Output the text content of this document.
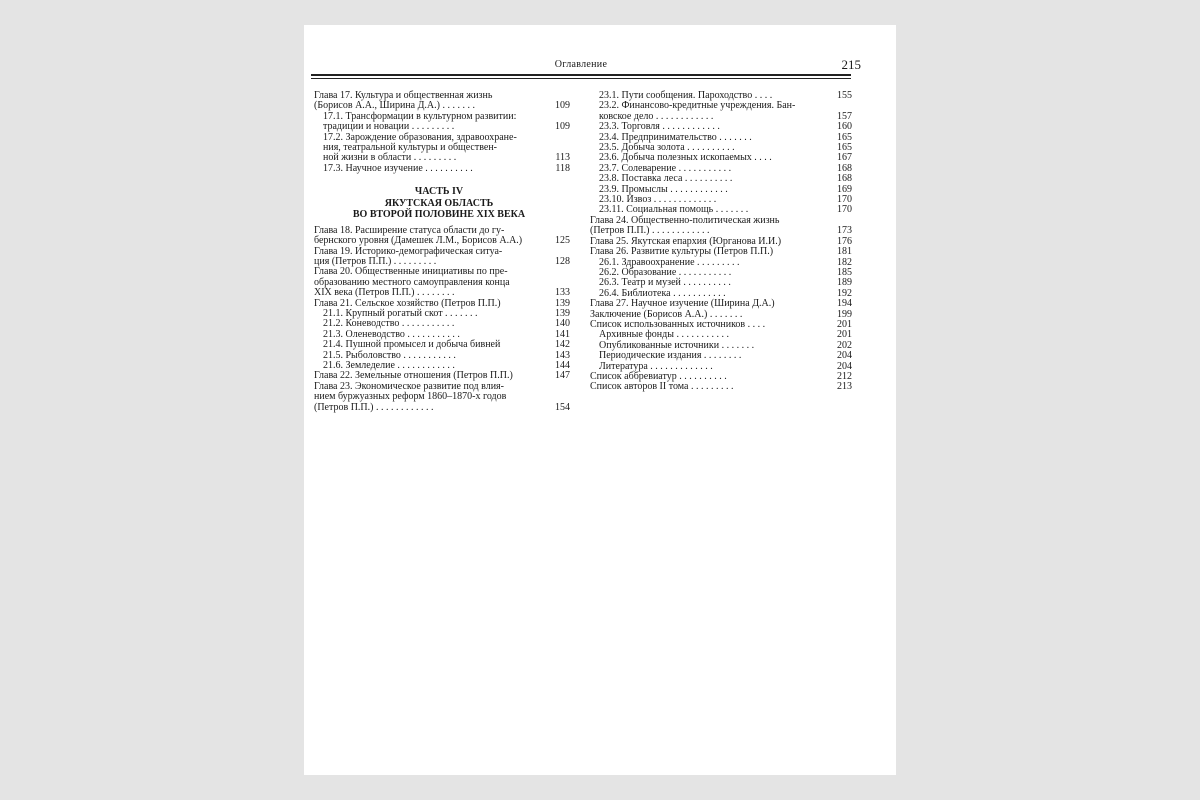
Оглавление	215
Глава 17. Культура и общественная жизнь
(Борисов А.А., Ширина Д.А.) . . . . . . .	109
17.1. Трансформации в культурном развитии:
традиции и новации . . . . . . . . .	109
17.2. Зарождение образования, здравоохране-
ния, театральной культуры и обществен-
ной жизни в области . . . . . . . . .	113
17.3. Научное изучение . . . . . . . . . .	118
ЧАСТЬ IV
ЯКУТСКАЯ ОБЛАСТЬ
ВО ВТОРОЙ ПОЛОВИНЕ XIX ВЕКА
Глава 18. Расширение статуса области до гу-
бернского уровня (Дамешек Л.М., Борисов А.А.)	125
Глава 19. Историко-демографическая ситуа-
ция (Петров П.П.) . . . . . . . . .	128
Глава 20. Общественные инициативы по пре-
образованию местного самоуправления конца
XIX века (Петров П.П.) . . . . . . . .	133
Глава 21. Сельское хозяйство (Петров П.П.)	139
21.1. Крупный рогатый скот . . . . . . .	139
21.2. Коневодство . . . . . . . . . . .	140
21.3. Оленеводство . . . . . . . . . . .	141
21.4. Пушной промысел и добыча бивней	142
21.5. Рыболовство . . . . . . . . . . .	143
21.6. Земледелие . . . . . . . . . . . .	144
Глава 22. Земельные отношения (Петров П.П.)	147
Глава 23. Экономическое развитие под влия-
нием буржуазных реформ 1860–1870-х годов
(Петров П.П.) . . . . . . . . . . . .	154
23.1. Пути сообщения. Пароходство . . . .	155
23.2. Финансово-кредитные учреждения. Бан-
ковское дело . . . . . . . . . . . .	157
23.3. Торговля . . . . . . . . . . . .	160
23.4. Предпринимательство . . . . . . .	165
23.5. Добыча золота . . . . . . . . . .	165
23.6. Добыча полезных ископаемых . . . .	167
23.7. Солеварение . . . . . . . . . . .	168
23.8. Поставка леса . . . . . . . . . .	168
23.9. Промыслы . . . . . . . . . . . .	169
23.10. Извоз . . . . . . . . . . . . .	170
23.11. Социальная помощь . . . . . . .	170
Глава 24. Общественно-политическая жизнь
(Петров П.П.) . . . . . . . . . . . .	173
Глава 25. Якутская епархия (Юрганова И.И.)	176
Глава 26. Развитие культуры (Петров П.П.)	181
26.1. Здравоохранение . . . . . . . . .	182
26.2. Образование . . . . . . . . . . .	185
26.3. Театр и музей . . . . . . . . . .	189
26.4. Библиотека . . . . . . . . . . .	192
Глава 27. Научное изучение (Ширина Д.А.)	194
Заключение (Борисов А.А.) . . . . . . .	199
Список использованных источников . . . .	201
Архивные фонды . . . . . . . . . . .	201
Опубликованные источники . . . . . . .	202
Периодические издания . . . . . . . .	204
Литература . . . . . . . . . . . . .	204
Список аббревиатур . . . . . . . . . .	212
Список авторов II тома . . . . . . . . .	213
